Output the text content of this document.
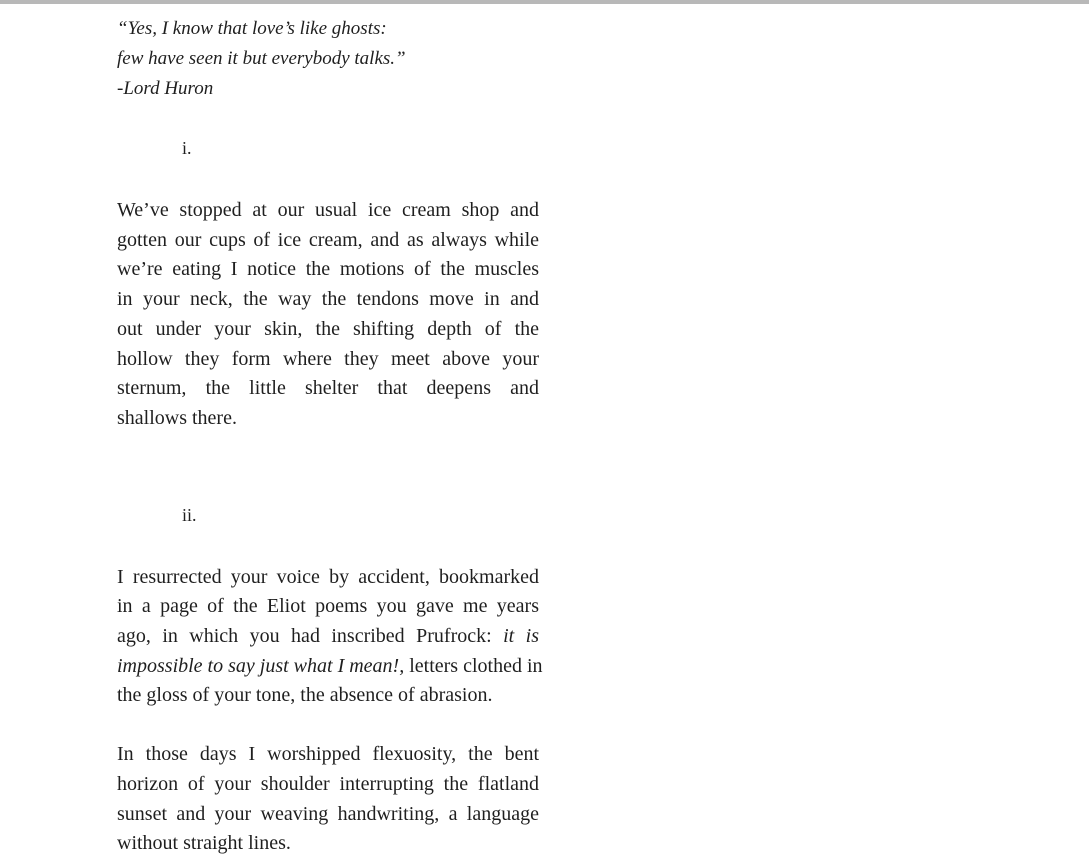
“Yes, I know that love’s like ghosts:
few have seen it but everybody talks.”
-Lord Huron
i.
We’ve stopped at our usual ice cream shop and
gotten our cups of ice cream, and as always while
we’re eating I notice the motions of the muscles
in your neck, the way the tendons move in and
out under your skin, the shifting depth of the
hollow they form where they meet above your
sternum, the little shelter that deepens and
shallows there.
ii.
I resurrected your voice by accident, bookmarked
in a page of the Eliot poems you gave me years
ago, in which you had inscribed Prufrock: it is
impossible to say just what I mean!, letters clothed in
the gloss of your tone, the absence of abrasion.
In those days I worshipped flexuosity, the bent
horizon of your shoulder interrupting the flatland
sunset and your weaving handwriting, a language
without straight lines.
